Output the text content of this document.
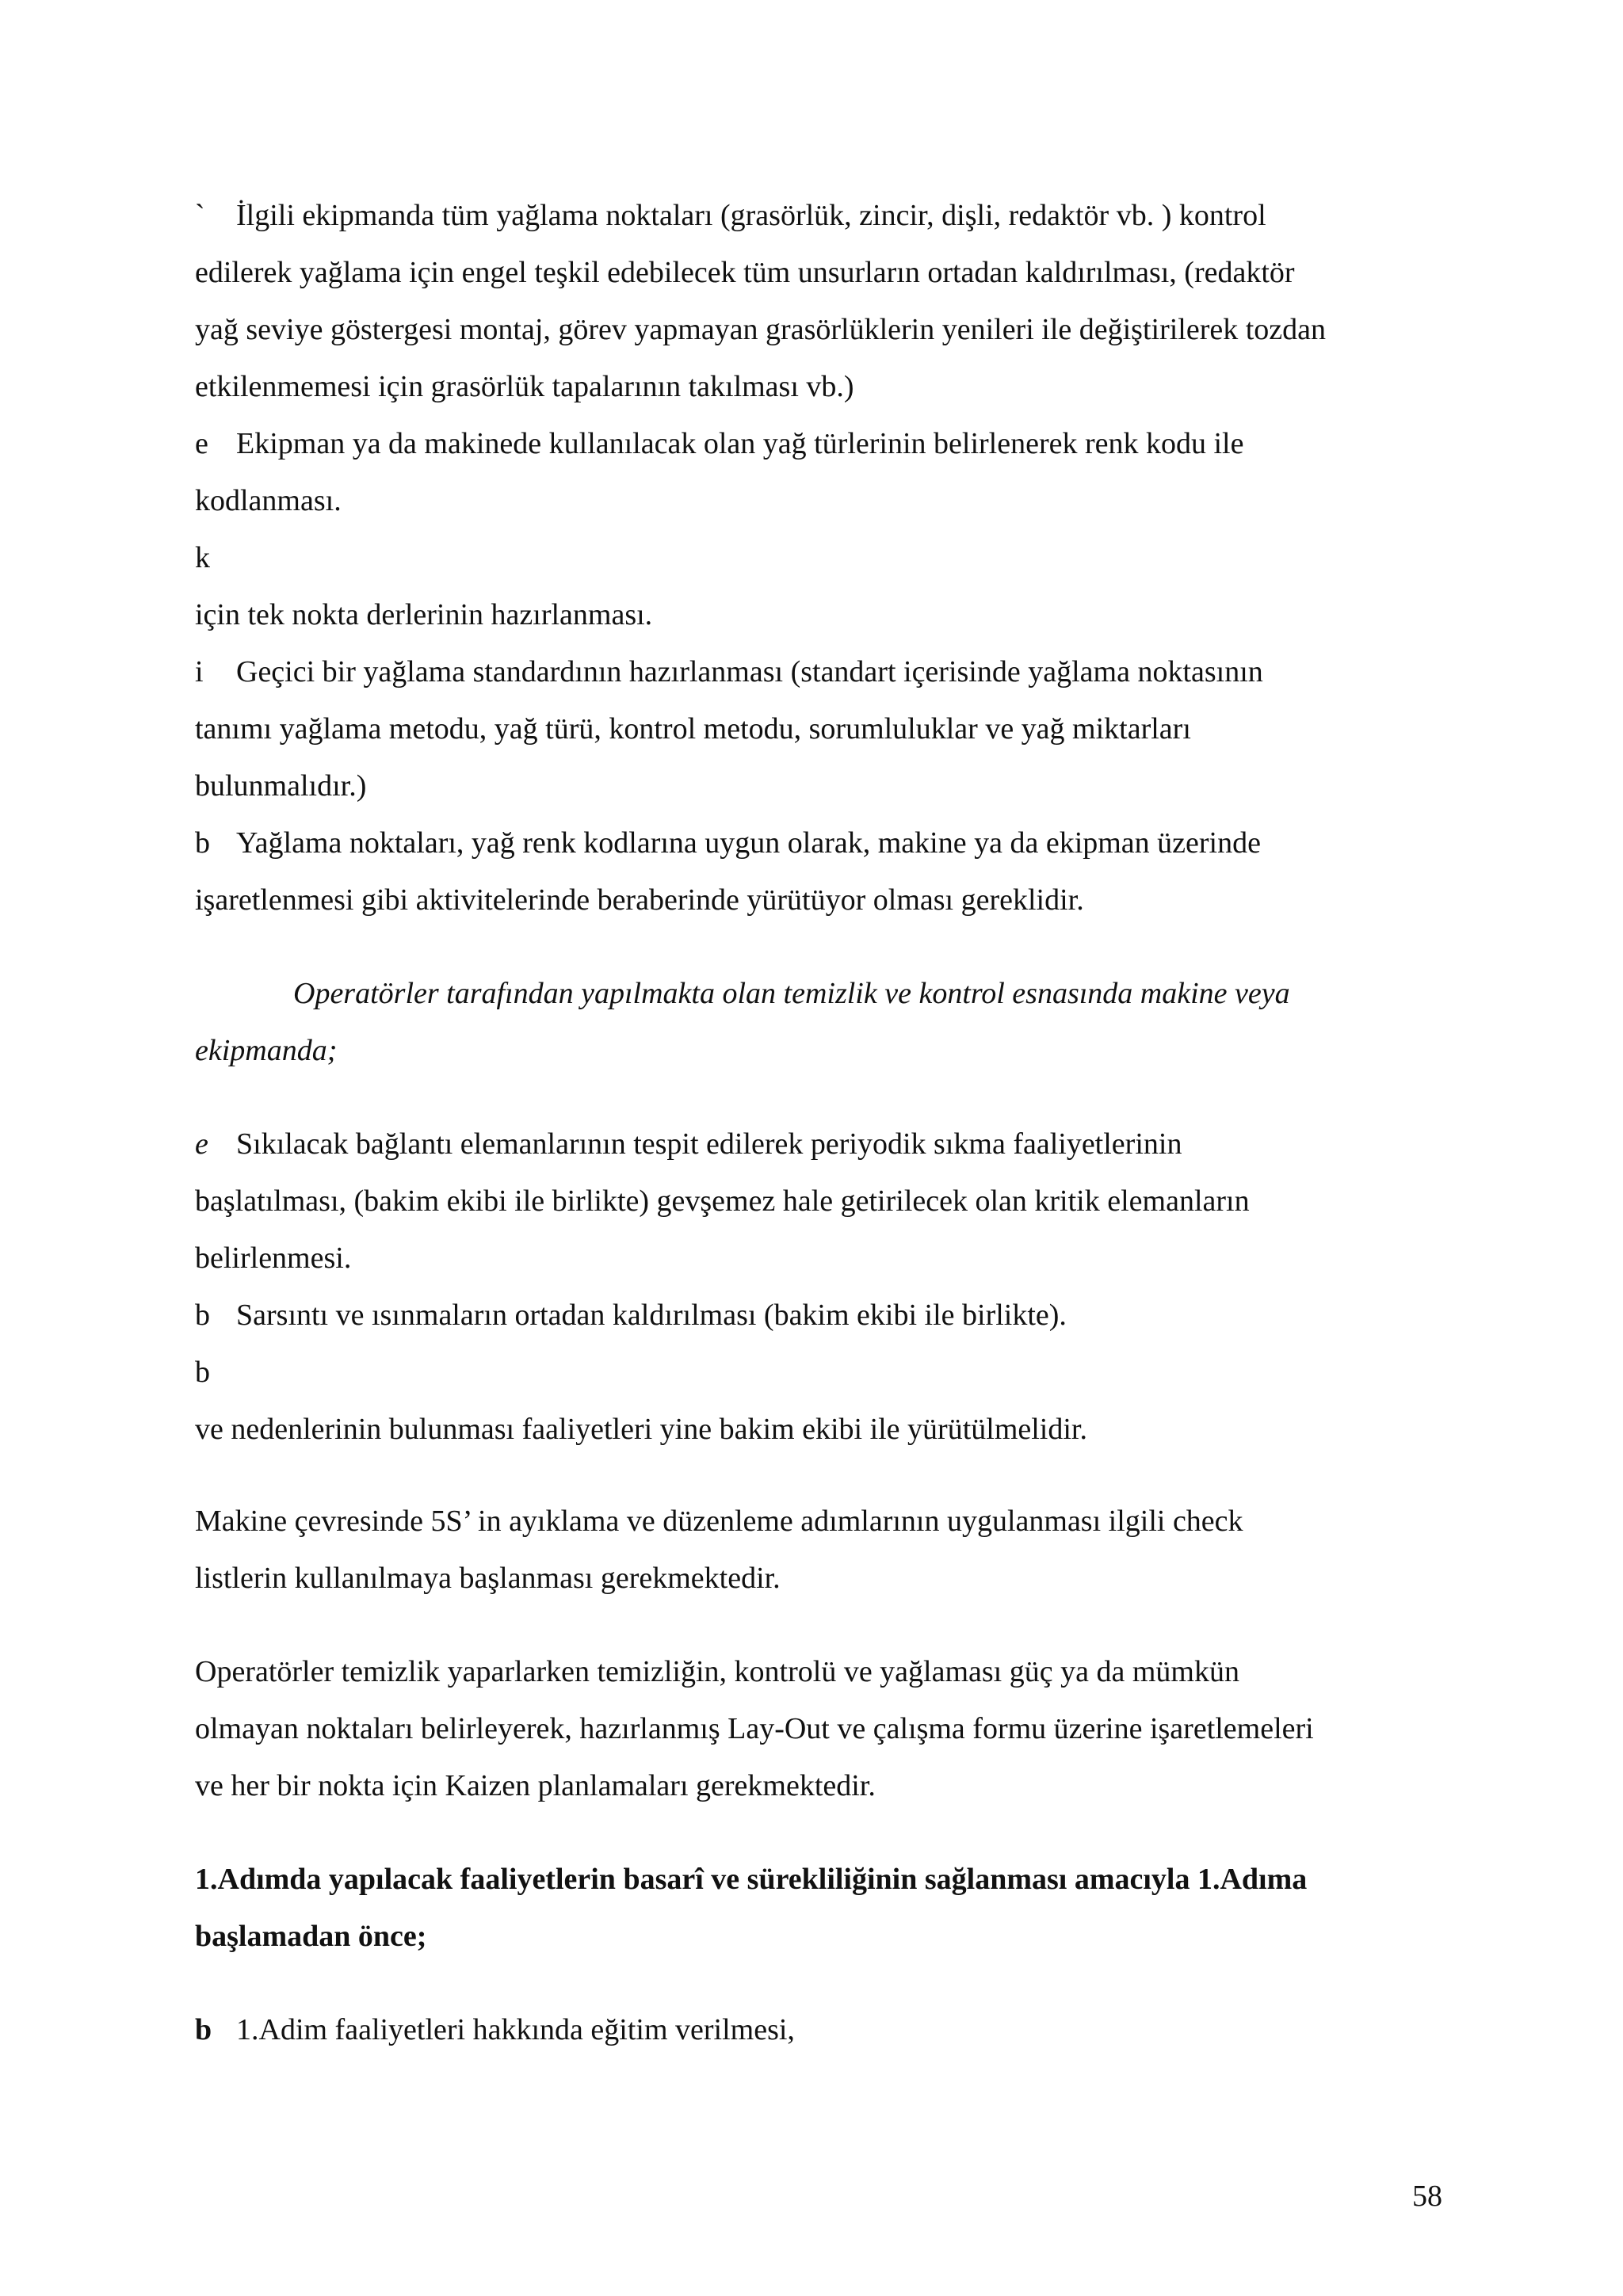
` İlgili ekipmanda tüm yağlama noktaları (grasörlük, zincir, dişli, redaktör vb. ) kontrol
edilerek yağlama için engel teşkil edebilecek tüm unsurların ortadan kaldırılması, (redaktör
yağ seviye göstergesi montaj, görev yapmayan grasörlüklerin yenileri ile değiştirilerek tozdan
etkilenmemesi için grasörlük tapalarının takılması vb.)
e Ekipman ya da makinede kullanılacak olan yağ türlerinin belirlenerek renk kodu ile
kodlanması.
k
için tek nokta derlerinin hazırlanması.
i Geçici bir yağlama standardının hazırlanması (standart içerisinde yağlama noktasının
tanımı yağlama metodu, yağ türü, kontrol metodu, sorumluluklar ve yağ miktarları
bulunmalıdır.)
b Yağlama noktaları, yağ renk kodlarına uygun olarak, makine ya da ekipman üzerinde
işaretlenmesi gibi aktivitelerinde beraberinde yürütüyor olması gereklidir.
Operatörler tarafından yapılmakta olan temizlik ve kontrol esnasında makine veya
ekipmanda;
e Sıkılacak bağlantı elemanlarının tespit edilerek periyodik sıkma faaliyetlerinin
başlatılması, (bakim ekibi ile birlikte) gevşemez hale getirilecek olan kritik elemanların
belirlenmesi.
b Sarsıntı ve ısınmaların ortadan kaldırılması (bakim ekibi ile birlikte).
b
ve nedenlerinin bulunması faaliyetleri yine bakim ekibi ile yürütülmelidir.
Makine çevresinde 5S’ in ayıklama ve düzenleme adımlarının uygulanması ilgili check
listlerin kullanılmaya başlanması gerekmektedir.
Operatörler temizlik yaparlarken temizliğin, kontrolü ve yağlaması güç ya da mümkün
olmayan noktaları belirleyerek, hazırlanmış Lay-Out ve çalışma formu üzerine işaretlemeleri
ve her bir nokta için Kaizen planlamaları gerekmektedir.
1.Adımda yapılacak faaliyetlerin basarî ve sürekliliğinin sağlanması amacıyla 1.Adıma
başlamadan önce;
b 1.Adim faaliyetleri hakkında eğitim verilmesi,
58
